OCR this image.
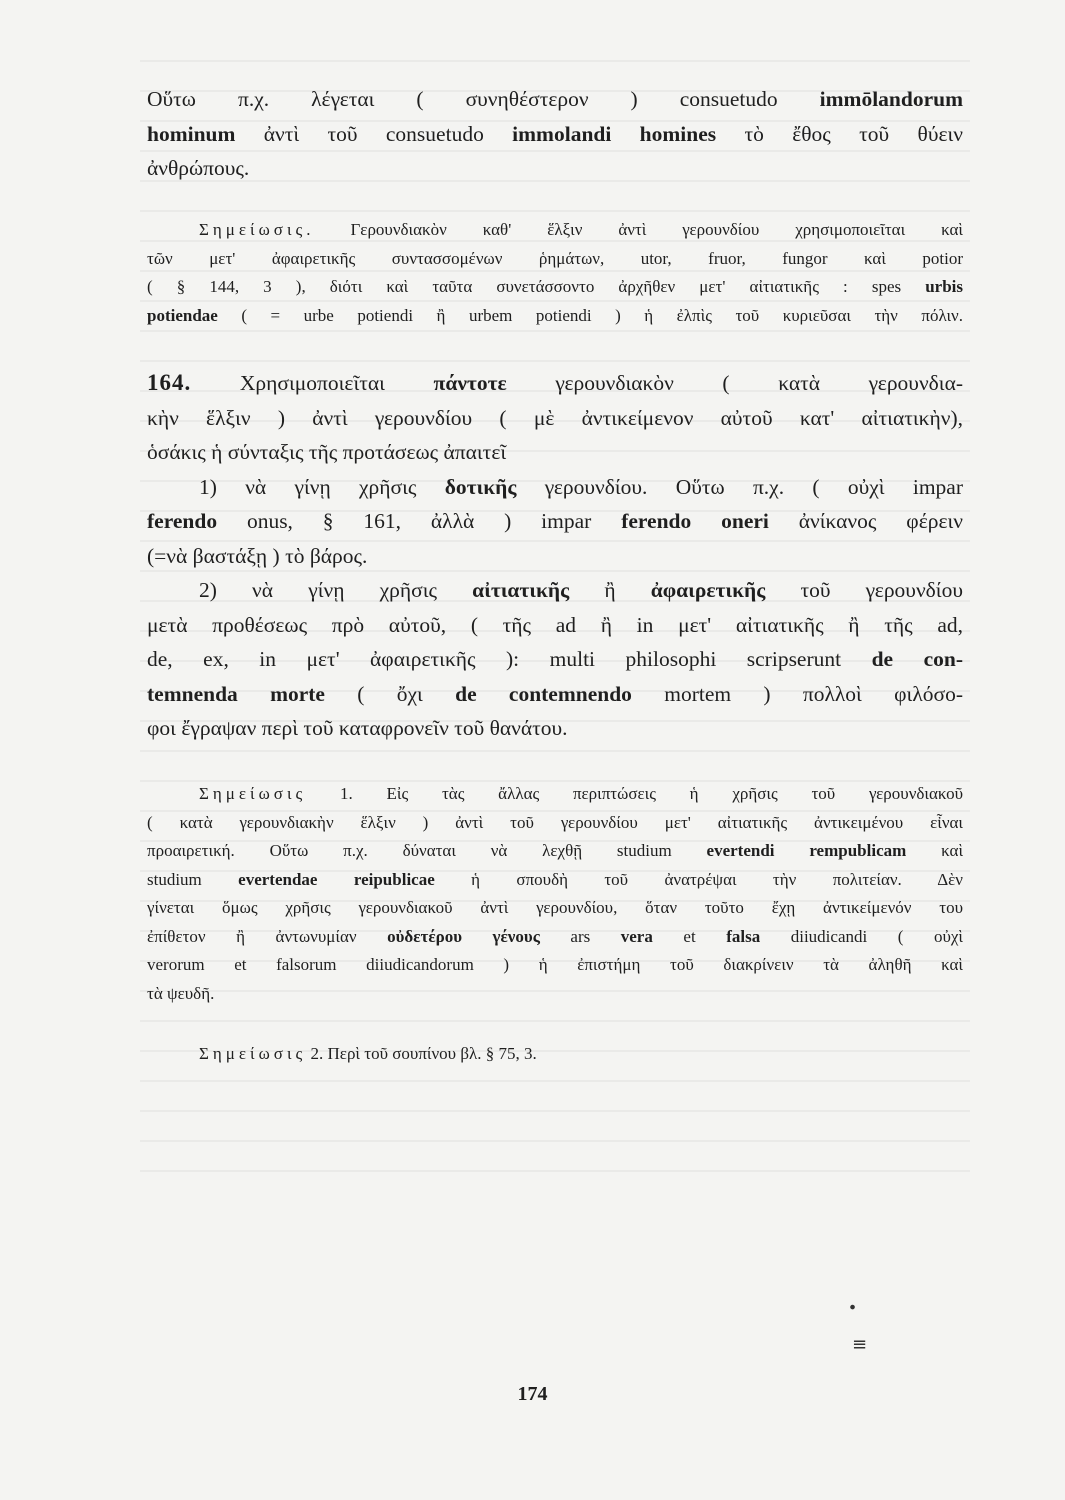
Οὕτω π.χ. λέγεται ( συνηθέστερον ) consuetudo immōlandorum
hominum ἀντὶ τοῦ consuetudo immolandi homines τὸ ἔθος τοῦ θύειν
ἀνθρώπους.
Σημείωσις. Γερουνδιακὸν καθ' ἕλξιν ἀντὶ γερουνδίου χρησιμοποιεῖται καὶ
τῶν μετ' ἀφαιρετικῆς συντασσομένων ῥημάτων, utor, fruor, fungor καὶ potior
( § 144, 3 ), διότι καὶ ταῦτα συνετάσσοντο ἀρχῆθεν μετ' αἰτιατικῆς : spes urbis
potiendae ( = urbe potiendi ἢ urbem potiendi ) ἡ ἐλπὶς τοῦ κυριεῦσαι τὴν πόλιν.
164. Χρησιμοποιεῖται πάντοτε γερουνδιακὸν ( κατὰ γερουνδια-
κὴν ἕλξιν ) ἀντὶ γερουνδίου ( μὲ ἀντικείμενον αὐτοῦ κατ' αἰτιατικὴν),
ὁσάκις ἡ σύνταξις τῆς προτάσεως ἀπαιτεῖ
1) νὰ γίνῃ χρῆσις δοτικῆς γερουνδίου. Οὕτω π.χ. ( οὐχὶ impar
ferendo onus, § 161, ἀλλὰ ) impar ferendo oneri ἀνίκανος φέρειν
(=νὰ βαστάξῃ ) τὸ βάρος.
2) νὰ γίνῃ χρῆσις αἰτιατικῆς ἢ ἀφαιρετικῆς τοῦ γερουνδίου
μετὰ προθέσεως πρὸ αὐτοῦ, ( τῆς ad ἢ in μετ' αἰτιατικῆς ἢ τῆς ad,
de, ex, in μετ' ἀφαιρετικῆς ): multi philosophi scripserunt de con-
temnenda morte ( ὄχι de contemnendo mortem ) πολλοὶ φιλόσο-
φοι ἔγραψαν περὶ τοῦ καταφρονεῖν τοῦ θανάτου.
Σημείωσις 1. Εἰς τὰς ἄλλας περιπτώσεις ἡ χρῆσις τοῦ γερουνδιακοῦ
( κατὰ γερουνδιακὴν ἕλξιν ) ἀντὶ τοῦ γερουνδίου μετ' αἰτιατικῆς ἀντικειμένου εἶναι
προαιρετική. Οὕτω π.χ. δύναται νὰ λεχθῇ studium evertendi rempublicam καὶ
studium evertendae reipublicae ἡ σπουδὴ τοῦ ἀνατρέψαι τὴν πολιτείαν. Δὲν
γίνεται ὅμως χρῆσις γερουνδιακοῦ ἀντὶ γερουνδίου, ὅταν τοῦτο ἔχῃ ἀντικείμενόν του
ἐπίθετον ἢ ἀντωνυμίαν οὐδετέρου γένους ars vera et falsa diiudicandi ( οὐχὶ
verorum et falsorum diiudicandorum ) ἡ ἐπιστήμη τοῦ διακρίνειν τὰ ἀληθῆ καὶ
τὰ ψευδῆ.
Σημείωσις 2. Περὶ τοῦ σουπίνου βλ. § 75, 3.
•
≡
174
